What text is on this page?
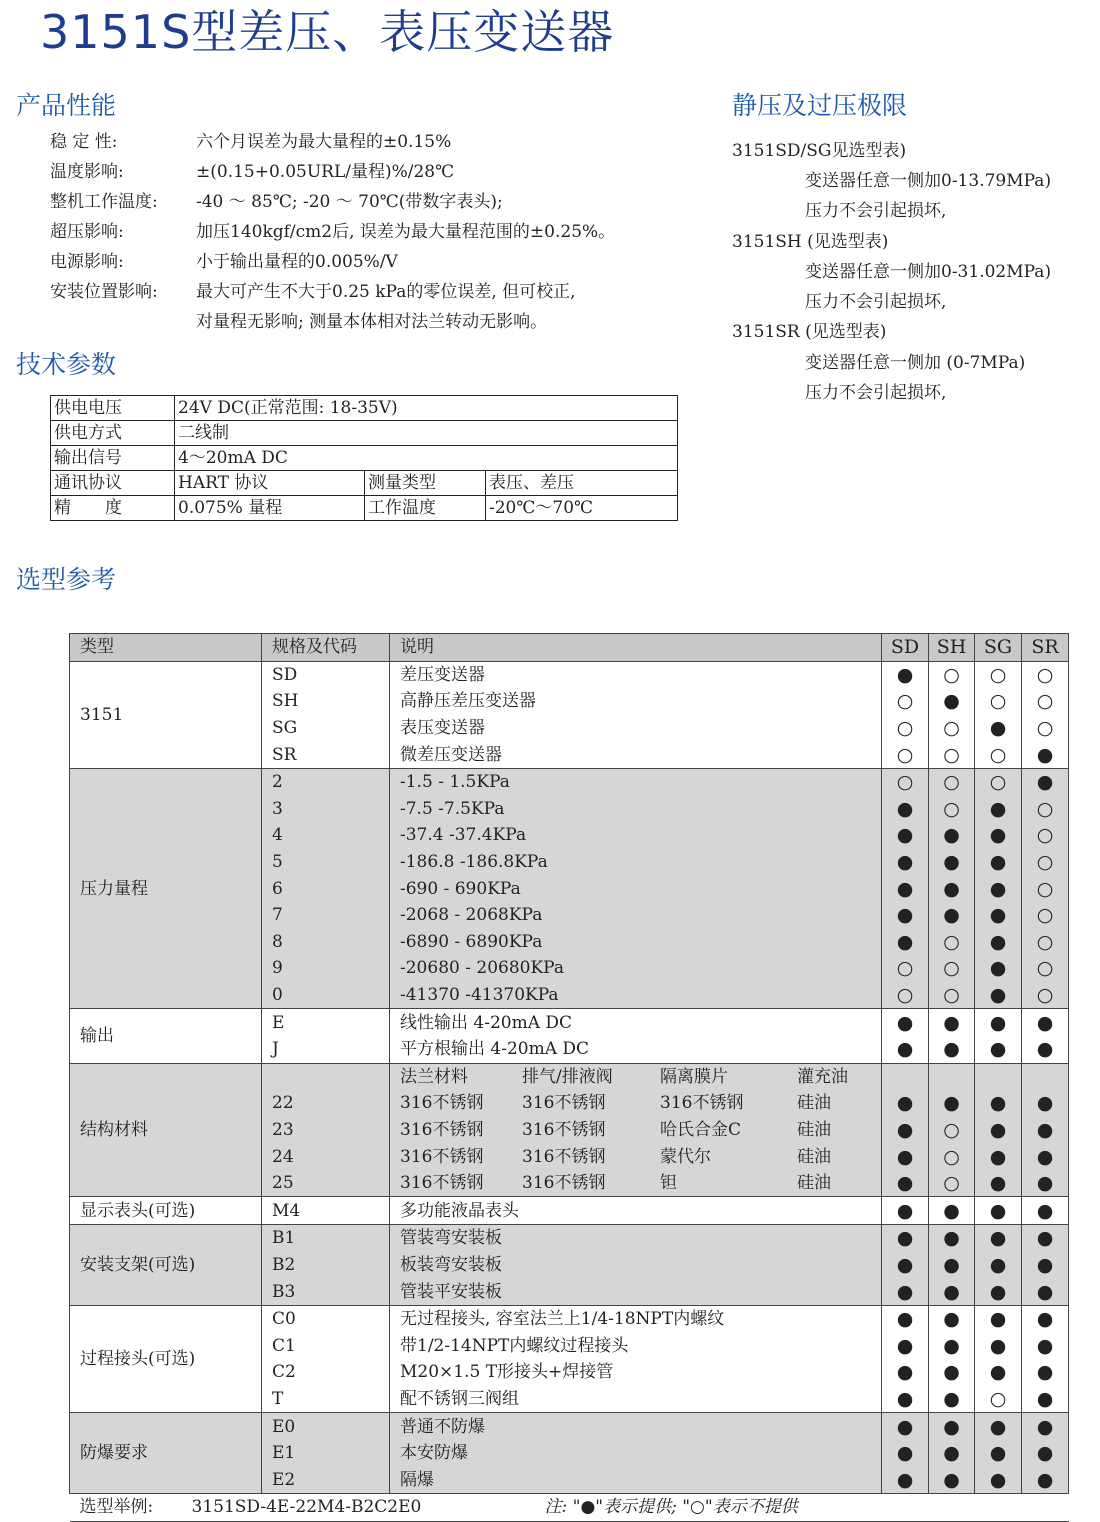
3151S型差压、表压变送器
产品性能	静压及过压极限
技术参数
选型参考
稳 定 性:	六个月误差为最大量程的±0.15%
温度影响:	±(0.15+0.05URL/量程)%/28℃
整机工作温度: -40 ～ 85℃; -20 ～ 70℃(带数字表头);
超压影响:	加压140kgf/cm2后, 误差为最大量程范围的±0.25%。
电源影响:	小于输出量程的0.005%/V
安装位置影响: 最大可产生不大于0.25 kPa的零位误差, 但可校正,
对量程无影响; 测量本体相对法兰转动无影响。
3151SD/SG见选型表)
变送器任意一侧加0-13.79MPa)
压力不会引起损坏,
3151SH (见选型表)
变送器任意一侧加0-31.02MPa)
压力不会引起损坏,
3151SR (见选型表)
变送器任意一侧加 (0-7MPa)
压力不会引起损坏,
供电电压	24V DC(正常范围: 18-35V)		
供电方式	二线制		
输出信号	4～20mA DC		
通讯协议	HART 协议	测量类型	表压、差压
精　　度	0.075% 量程	工作温度	-20℃～70℃
类型	规格及代码	说明	SD	SH	SG	SR
3151	SD	差压变送器	●	○	○	○
	SH	高静压差压变送器	○	●	○	○
	SG	表压变送器	○	○	●	○
	SR	微差压变送器	○	○	○	●
压力量程	2	-1.5 - 1.5KPa	○	○	○	●
	3	-7.5 -7.5KPa	●	○	●	○
	4	-37.4 -37.4KPa	●	●	●	○
	5	-186.8 -186.8KPa	●	●	●	○
	6	-690 - 690KPa	●	●	●	○
	7	-2068 - 2068KPa	●	●	●	○
	8	-6890 - 6890KPa	●	○	●	○
	9	-20680 - 20680KPa	○	○	●	○
	0	-41370 -41370KPa	○	○	●	○
输出	E	线性输出 4-20mA DC	●	●	●	●
	J	平方根输出 4-20mA DC	●	●	●	●
结构材料		法兰材料 排气/排液阀 隔离膜片 灌充油				
	22	316不锈钢 316不锈钢 316不锈钢 硅油	●	●	●	●
	23	316不锈钢 316不锈钢 哈氏合金C 硅油	●	○	●	●
	24	316不锈钢 316不锈钢 蒙代尔 硅油	●	○	●	●
	25	316不锈钢 316不锈钢 钽 硅油	●	○	●	●
显示表头(可选)	M4	多功能液晶表头	●	●	●	●
安装支架(可选)	B1	管装弯安装板	●	●	●	●
	B2	板装弯安装板	●	●	●	●
	B3	管装平安装板	●	●	●	●
过程接头(可选)	C0	无过程接头, 容室法兰上1/4-18NPT内螺纹	●	●	●	●
	C1	带1/2-14NPT内螺纹过程接头	●	●	●	●
	C2	M20×1.5 T形接头+焊接管	●	●	●	●
	T	配不锈钢三阀组	●	●	○	●
防爆要求	E0	普通不防爆	●	●	●	●
	E1	本安防爆	●	●	●	●
	E2	隔爆	●	●	●	●
选型举例: 3151SD-4E-22M4-B2C2E0 注: "●"表示提供; "○"表示不提供						
